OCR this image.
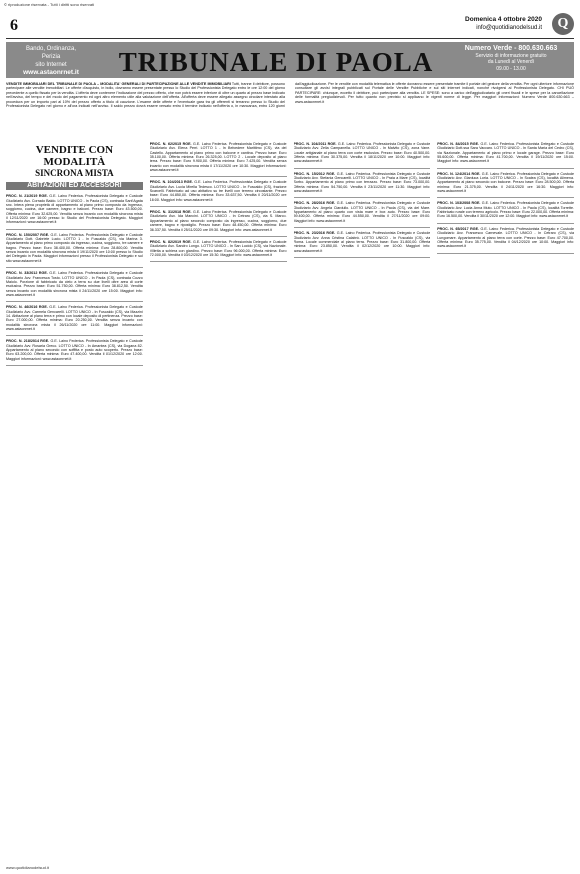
© riproduzione riservata - Tutti i diritti sono riservati
6	Domenica 4 ottobre 2020
info@quotidianodelsud.it Q
Bando, Ordinanza, Perizia
sito Internet
www.astaonrnet.it	TRIBUNALE DI PAOLA	Numero Verde - 800.630.663
Servizio di informazione gratuito
da Lunedì al Venerdì
09.00 - 13.00
VENDITE IMMOBILIARI DEL TRIBUNALE DI PAOLA – MODALITA' GENERALI DI PARTECIPAZIONE ALLE VENDITE IMMOBILIARI Tutti, tranne il debitore, possono partecipare alle vendite immobiliari. Le offerte d'acquisto, in bollo, dovranno essere presentate presso lo Studio del Professionista Delegato entro le ore 12:00 del giorno precedente a quello fissato per la vendita. L'offerta deve contenere l'indicazione del prezzo offerto, che non potrà essere inferiore di oltre un quarto al prezzo base indicato nell'avviso, del tempo e del modo del pagamento ed ogni altro elemento utile alla valutazione dell'offerta. All'offerta deve essere allegato assegno circolare intestato alla procedura per un importo pari al 10% del prezzo offerto a titolo di cauzione. L'esame delle offerte e l'eventuale gara tra gli offerenti si terranno presso lo Studio del Professionista Delegato nel giorno e all'ora indicati nell'avviso. Il saldo prezzo dovrà essere versato entro il termine indicato nell'offerta o, in mancanza, entro 120 giorni dall'aggiudicazione. Per le vendite con modalità telematica le offerte dovranno essere presentate tramite il portale del gestore della vendita. Per ogni ulteriore informazione consultare gli avvisi integrali pubblicati sul Portale delle Vendite Pubbliche e sui siti internet indicati, nonché rivolgersi al Professionista Delegato. CHI PUÒ PARTECIPARE: chiunque, eccetto il debitore, può partecipare alla vendita. LE SPESE: sono a carico dell'aggiudicatario gli oneri fiscali e le spese per la cancellazione delle formalità pregiudizievoli. Per tutto quanto non previsto si applicano le vigenti norme di legge. Per maggiori informazioni: Numero Verde 800.630.663 – www.astaonrnet.it
VENDITE CON MODALITÀ
SINCRONA MISTA
ABITAZIONI ED ACCESSORI
PROC. N. 21/2019 RGE. G.E. Laino Federica. Professionista Delegato e Custode Giudiziario Avv. Corrado Baldo. LOTTO UNICO - In Paola (CS), contrada Sant'Agata snc. Intera piena proprietà di appartamento al piano primo composto da ingresso, soggiorno, cucina, due camere, bagno e balconi. Prezzo base: Euro 43.500,00. Offerta minima: Euro 32.625,00. Vendita senza incanto con modalità sincrona mista il 12/11/2020 ore 16:00 presso lo Studio del Professionista Delegato. Maggiori informazioni: www.astaonrnet.it
PROC. N. 150/2007 RGE. G.E. Laino Federica. Professionista Delegato e Custode Giudiziario Dott. Gabriele Lucio. LOTTO 1 - In Fuscaldo (CS), via Marina 3. Appartamento al piano primo composto da ingresso, cucina, soggiorno, tre camere e bagno. Prezzo base: Euro 38.400,00. Offerta minima: Euro 28.800,00. Vendita senza incanto con modalità sincrona mista il 19/11/2020 ore 10:00 presso lo Studio del Delegato in Paola. Maggiori informazioni presso il Professionista Delegato e sul sito www.astaonrnet.it
PROC. N. 33/2012 RGE. G.E. Laino Federica. Professionista Delegato e Custode Giudiziario Avv. Francesca Tosto. LOTTO UNICO - In Paola (CS), contrada Cozzo Maiolo. Porzione di fabbricato da cielo a terra su due livelli oltre area di corte esclusiva. Prezzo base: Euro 51.750,00. Offerta minima: Euro 38.812,50. Vendita senza incanto con modalità sincrona mista il 24/11/2020 ore 15:00. Maggiori info: www.astaonrnet.it
PROC. N. 46/2016 RGE. G.E. Laino Federica. Professionista Delegato e Custode Giudiziario Avv. Carmela Gencarelli. LOTTO UNICO - In Fuscaldo (CS), via Mazzini 14. Abitazione al piano terra e primo con locale deposito di pertinenza. Prezzo base: Euro 27.000,00. Offerta minima: Euro 20.250,00. Vendita senza incanto con modalità sincrona mista il 26/11/2020 ore 11:00. Maggiori informazioni: www.astaonrnet.it
PROC. N. 218/2014 RGE. G.E. Laino Federica. Professionista Delegato e Custode Giudiziario Avv. Rosaria Greco. LOTTO UNICO - In Amantea (CS), via Dogana 82. Appartamento al piano secondo con soffitta e posto auto scoperto. Prezzo base: Euro 63.200,00. Offerta minima: Euro 47.400,00. Vendita il 01/12/2020 ore 12:00. Maggiori informazioni: www.astaonrnet.it
PROC. N. 62/2015 RGE. G.E. Laino Federica. Professionista Delegato e Custode Giudiziario Avv. Elena Perri. LOTTO 1 - In Belvedere Marittimo (CS), via del Castello. Appartamento al piano primo con balcone e cantina. Prezzo base: Euro 35.100,00. Offerta minima: Euro 26.325,00. LOTTO 2 - Locale deposito al piano terra. Prezzo base: Euro 9.900,00. Offerta minima: Euro 7.425,00. Vendita senza incanto con modalità sincrona mista il 17/11/2020 ore 10:30. Maggiori informazioni: www.astaonrnet.it
PROC. N. 104/2013 RGE. G.E. Laino Federica. Professionista Delegato e Custode Giudiziario Avv. Lucia Mirella Tedesco. LOTTO UNICO - In Fuscaldo (CS), frazione Scarcelli. Fabbricato ad uso abitativo su tre livelli con terreno circostante. Prezzo base: Euro 44.850,00. Offerta minima: Euro 33.637,50. Vendita il 20/11/2020 ore 16:00. Maggiori info: www.astaonrnet.it
PROC. N. 31/2018 RGE. G.E. Laino Federica. Professionista Delegato e Custode Giudiziario Avv. Ida Mancini. LOTTO UNICO - In Cetraro (CS), via S. Marco. Appartamento al piano secondo composto da ingresso, cucina, soggiorno, due camere, bagno e ripostiglio. Prezzo base: Euro 48.450,00. Offerta minima: Euro 36.337,50. Vendita il 25/11/2020 ore 09:30. Maggiori info: www.astaonrnet.it
PROC. N. 82/2019 RGE. G.E. Laino Federica. Professionista Delegato e Custode Giudiziario Avv. Sandro Longo. LOTTO UNICO - In San Lucido (CS), via Nazionale. Villetta a schiera con giardino. Prezzo base: Euro 96.000,00. Offerta minima: Euro 72.000,00. Vendita il 03/12/2020 ore 15:30. Maggiori info: www.astaonrnet.it
PROC. N. 104/2011 RGE. G.E. Laino Federica. Professionista Delegato e Custode Giudiziario Avv. Zelia Campanella. LOTTO UNICO - In Malvito (CS), zona Vane. Locale artigianale al piano terra con corte esclusiva. Prezzo base: Euro 40.500,00. Offerta minima: Euro 30.375,00. Vendita il 18/11/2020 ore 10:00. Maggiori info: www.astaonrnet.it
PROC. N. 15/2012 RGE. G.E. Laino Federica. Professionista Delegato e Custode Giudiziario Avv. Stefania Gencarelli. LOTTO UNICO - In Praia a Mare (CS), località Sorbo. Appartamento al piano primo con terrazzo. Prezzo base: Euro 73.000,00. Offerta minima: Euro 54.750,00. Vendita il 23/11/2020 ore 11:30. Maggiori info: www.astaonrnet.it
PROC. N. 28/2016 RGE. G.E. Laino Federica. Professionista Delegato e Custode Giudiziario Avv. Angela Ciardullo. LOTTO UNICO - In Paola (CS), via del Mare. Appartamento al piano quarto con vista mare e box auto. Prezzo base: Euro 59.400,00. Offerta minima: Euro 44.550,00. Vendita il 27/11/2020 ore 09:00. Maggiori info: www.astaonrnet.it
PROC. N. 23/2016 RGE. G.E. Laino Federica. Professionista Delegato e Custode Giudiziario Avv. Anna Cristina Calabrò. LOTTO UNICO - In Fuscaldo (CS), via Roma. Locale commerciale al piano terra. Prezzo base: Euro 31.800,00. Offerta minima: Euro 23.850,00. Vendita il 02/12/2020 ore 10:00. Maggiori info: www.astaonrnet.it
PROC. N. 84/2015 RGE. G.E. Laino Federica. Professionista Delegato e Custode Giudiziario Dott.ssa Sara Vaccaro. LOTTO UNICO - In Santa Maria del Cedro (CS), via Nazionale. Appartamento al piano primo e locale garage. Prezzo base: Euro 55.600,00. Offerta minima: Euro 41.700,00. Vendita il 19/11/2020 ore 15:00. Maggiori info: www.astaonrnet.it
PROC. N. 124/2014 RGE. G.E. Laino Federica. Professionista Delegato e Custode Giudiziario Avv. Gianluca Loria. LOTTO UNICO - In Scalea (CS), località Alimena. Appartamento al piano secondo con balcone. Prezzo base: Euro 28.500,00. Offerta minima: Euro 21.375,00. Vendita il 24/11/2020 ore 16:30. Maggiori info: www.astaonrnet.it
PROC. N. 103/2008 RGE. G.E. Laino Federica. Professionista Delegato e Custode Giudiziario Avv. Lucia Anna Muto. LOTTO UNICO - In Paola (CS), località Torrette. Fabbricato rurale con terreno agricolo. Prezzo base: Euro 22.000,00. Offerta minima: Euro 16.500,00. Vendita il 30/11/2020 ore 12:00. Maggiori info: www.astaonrnet.it
PROC. N. 65/2017 RGE. G.E. Laino Federica. Professionista Delegato e Custode Giudiziario Avv. Francesco Carnevale. LOTTO UNICO - In Cetraro (CS), via Lungomare. Appartamento al piano terra con corte. Prezzo base: Euro 47.700,00. Offerta minima: Euro 35.775,00. Vendita il 04/12/2020 ore 10:00. Maggiori info: www.astaonrnet.it
www.quotidianodelsud.it
